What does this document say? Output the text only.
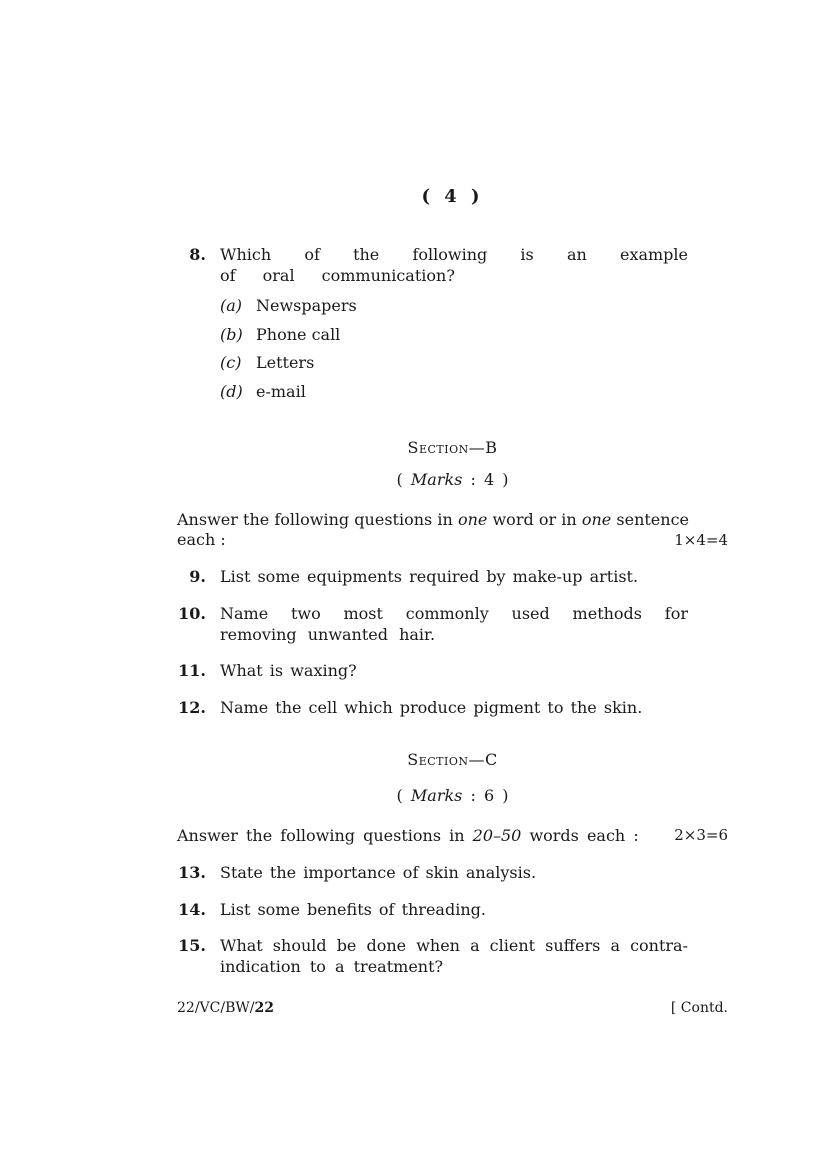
( 4 )
8. Which of the following is an example of oral communication?
(a) Newspapers
(b) Phone call
(c) Letters
(d) e-mail
Section—B
( Marks : 4 )
Answer the following questions in one word or in one sentence each :	1×4=4
9. List some equipments required by make-up artist.
10. Name two most commonly used methods for removing unwanted hair.
11. What is waxing?
12. Name the cell which produce pigment to the skin.
Section—C
( Marks : 6 )
Answer the following questions in 20–50 words each :	2×3=6
13. State the importance of skin analysis.
14. List some benefits of threading.
15. What should be done when a client suffers a contra-indication to a treatment?
22/VC/BW/22	[ Contd.
